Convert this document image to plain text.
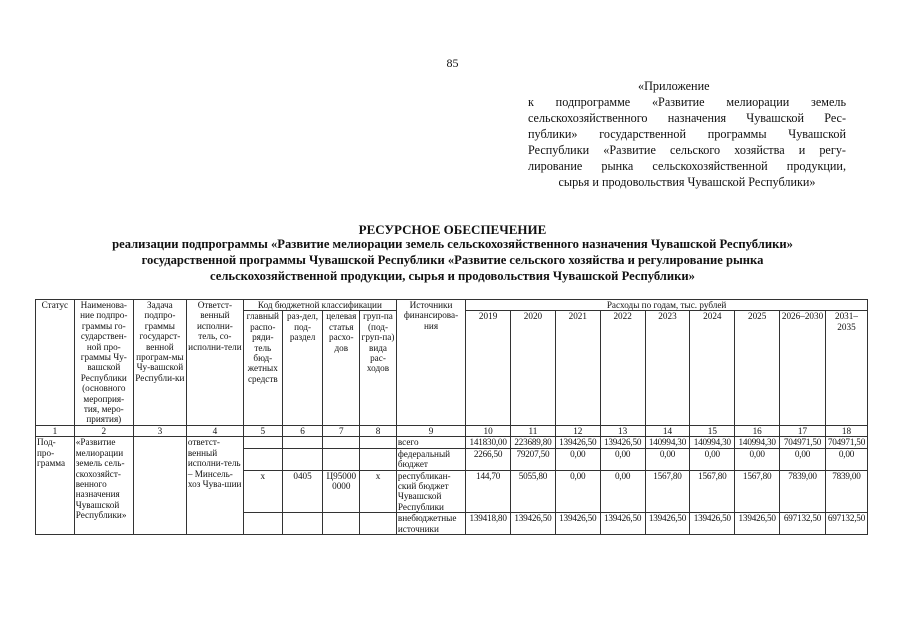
85
«Приложение
к подпрограмме «Развитие мелиорации земель
сельскохозяйственного назначения Чувашской Рес-
публики» государственной программы Чувашской
Республики «Развитие сельского хозяйства и регу-
лирование рынка сельскохозяйственной продукции,
сырья и продовольствия Чувашской Республики»
РЕСУРСНОЕ ОБЕСПЕЧЕНИЕ
реализации подпрограммы «Развитие мелиорации земель сельскохозяйственного назначения Чувашской Республики»
государственной программы Чувашской Республики «Развитие сельского хозяйства и регулирование рынка
сельскохозяйственной продукции, сырья и продовольствия Чувашской Республики»
Статус	Наименова-ние подпро-граммы го-сударствен-ной про-граммы Чу-вашской Республики (основного мероприя-тия, меро-приятия)	Задача подпро-граммы государст-венной програм-мы Чу-вашской Республи-ки	Ответст-венный исполни-тель, со-исполни-тели	Код бюджетной классификации				Источники финансирова-ния	Расходы по годам, тыс. рублей								
				главный распо-ряди-тель бюд-жетных средств	раз-дел, под-раздел	целевая статья расхо-дов	груп-па (под-груп-па) вида рас-ходов		2019	2020	2021	2022	2023	2024	2025	2026–2030	2031–2035

1	2	3	4	5	6	7	8	9	10	11	12	13	14	15	16	17	18
Под-про-грамма	«Развитие мелиорации земель сель-скохозяйст-венного назначения Чувашской Республики»		ответст-венный исполни-тель – Минсель-хоз Чува-шии					всего	141830,00	223689,80	139426,50	139426,50	140994,30	140994,30	140994,30	704971,50	704971,50
								федеральный бюджет	2266,50	79207,50	0,00	0,00	0,00	0,00	0,00	0,00	0,00
				х	0405	Ц95000 0000	х	республикан-ский бюджет Чувашской Республики	144,70	5055,80	0,00	0,00	1567,80	1567,80	1567,80	7839,00	7839,00
								внебюджетные источники	139418,80	139426,50	139426,50	139426,50	139426,50	139426,50	139426,50	697132,50	697132,50
